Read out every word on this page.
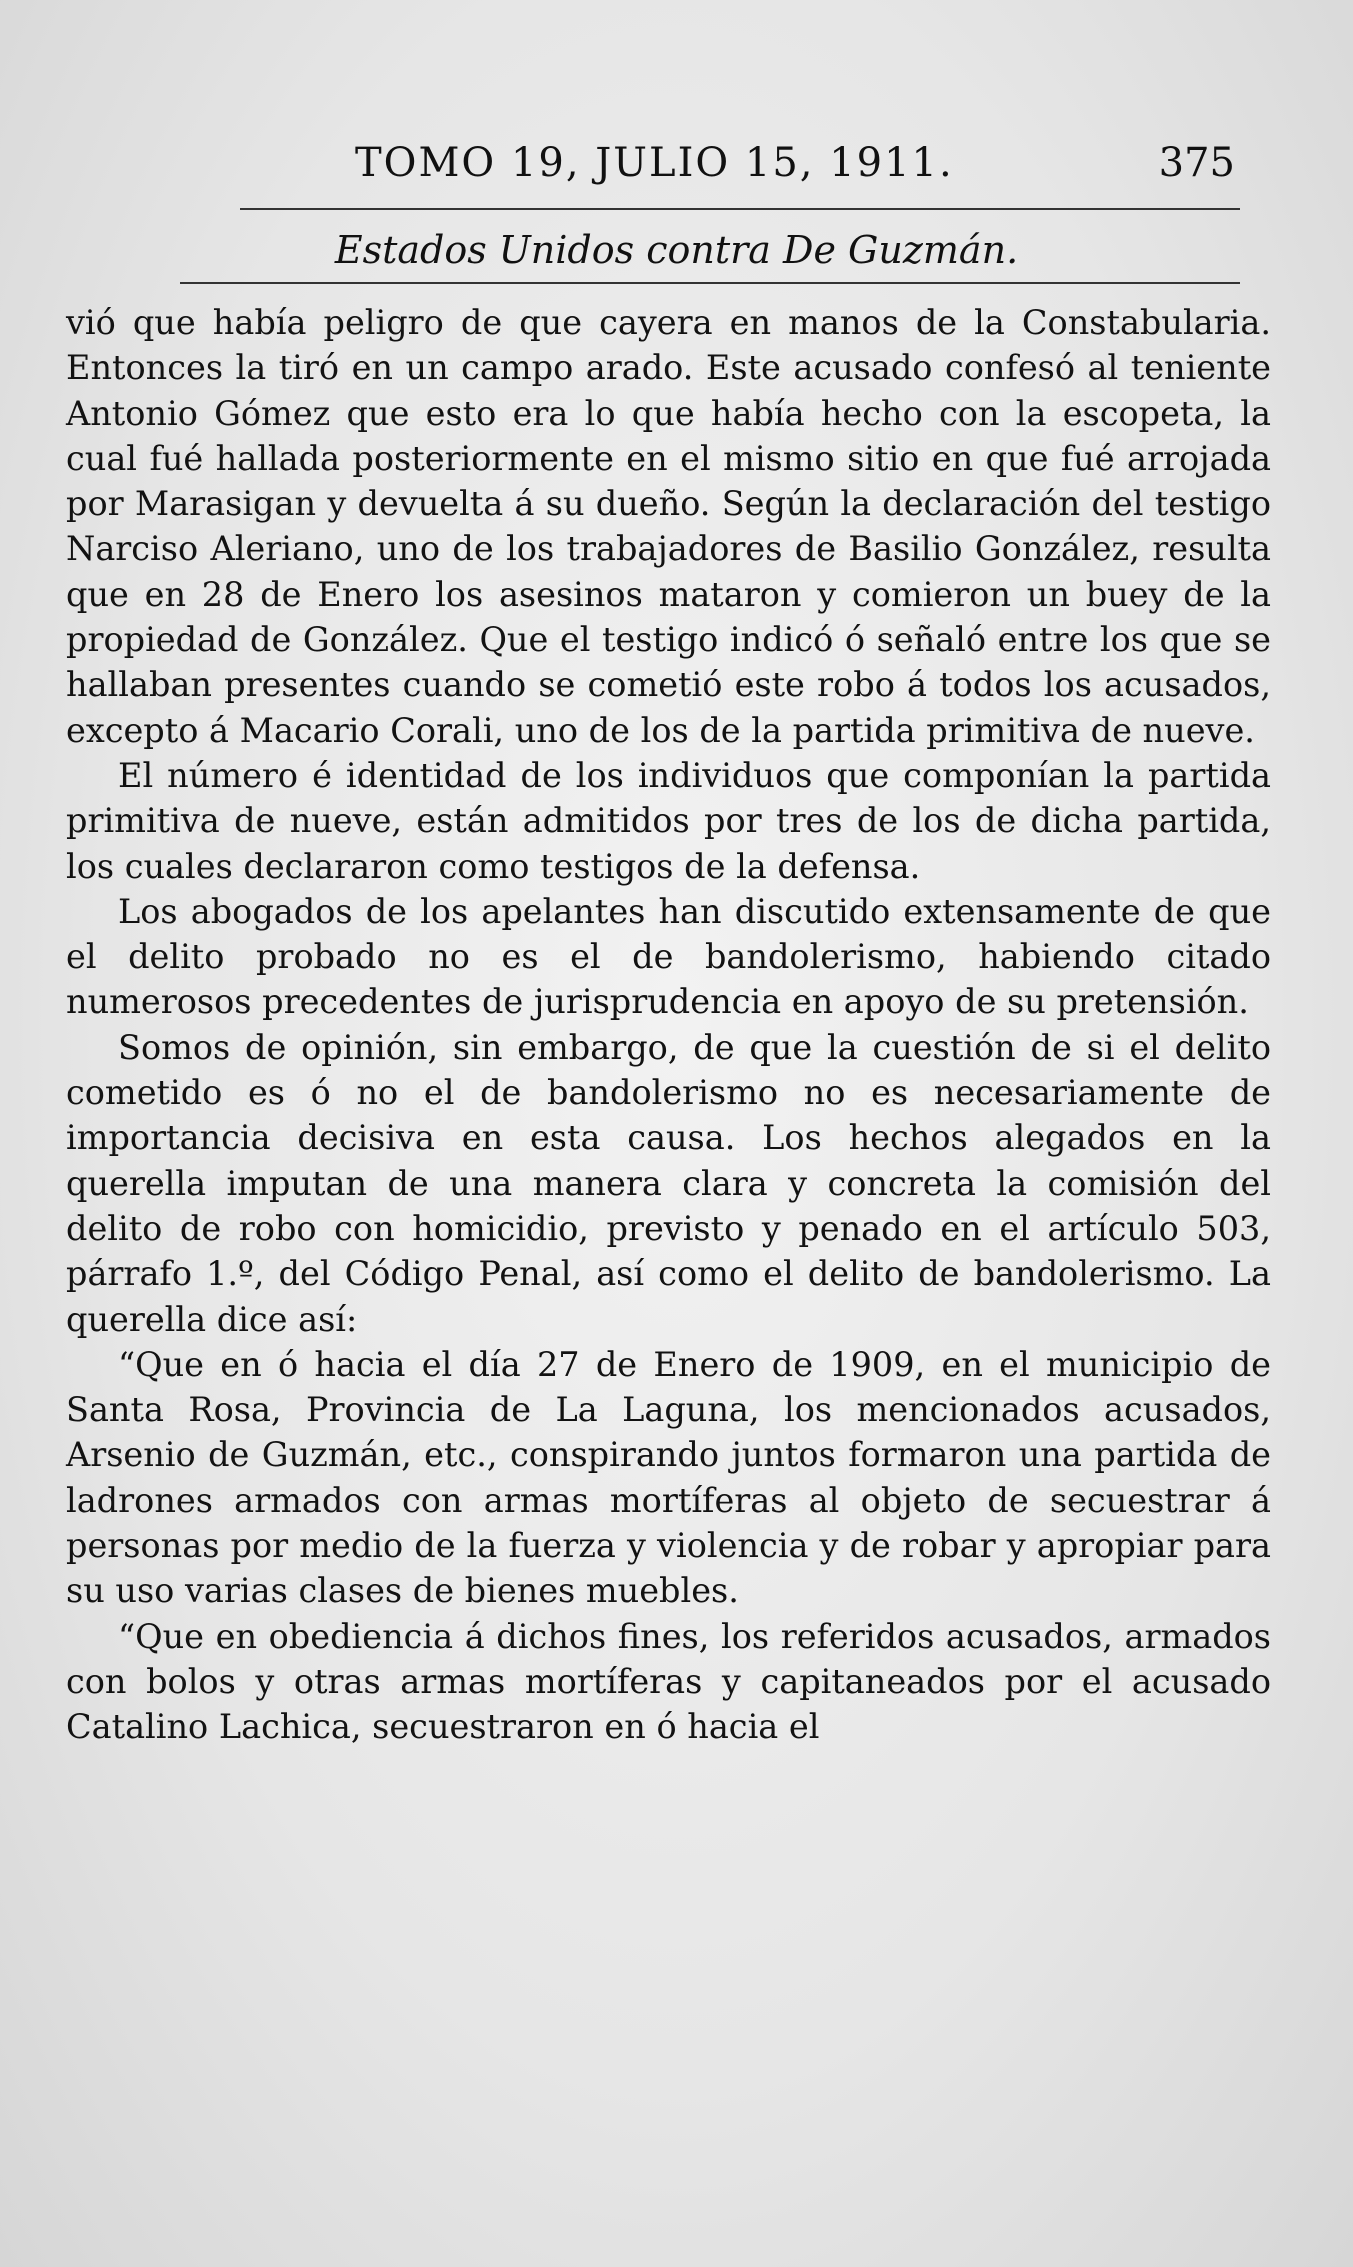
TOMO 19, JULIO 15, 1911.	375
Estados Unidos contra De Guzmán.

vió que había peligro de que cayera en manos de la Constabularia. Entonces la tiró en un campo arado. Este acusado confesó al teniente Antonio Gómez que esto era lo que había hecho con la escopeta, la cual fué hallada posteriormente en el mismo sitio en que fué arrojada por Marasigan y devuelta á su dueño. Según la declaración del testigo Narciso Aleriano, uno de los trabajadores de Basilio González, resulta que en 28 de Enero los asesinos mataron y comieron un buey de la propiedad de González. Que el testigo indicó ó señaló entre los que se hallaban presentes cuando se cometió este robo á todos los acusados, excepto á Macario Corali, uno de los de la partida primitiva de nueve.

El número é identidad de los individuos que componían la partida primitiva de nueve, están admitidos por tres de los de dicha partida, los cuales declararon como testigos de la defensa.

Los abogados de los apelantes han discutido extensamente de que el delito probado no es el de bandolerismo, habiendo citado numerosos precedentes de jurisprudencia en apoyo de su pretensión.

Somos de opinión, sin embargo, de que la cuestión de si el delito cometido es ó no el de bandolerismo no es necesariamente de importancia decisiva en esta causa. Los hechos alegados en la querella imputan de una manera clara y concreta la comisión del delito de robo con homicidio, previsto y penado en el artículo 503, párrafo 1.º, del Código Penal, así como el delito de bandolerismo. La querella dice así:

“Que en ó hacia el día 27 de Enero de 1909, en el municipio de Santa Rosa, Provincia de La Laguna, los mencionados acusados, Arsenio de Guzmán, etc., conspirando juntos formaron una partida de ladrones armados con armas mortíferas al objeto de secuestrar á personas por medio de la fuerza y violencia y de robar y apropiar para su uso varias clases de bienes muebles.

“Que en obediencia á dichos fines, los referidos acusados, armados con bolos y otras armas mortíferas y capitaneados por el acusado Catalino Lachica, secuestraron en ó hacia el
